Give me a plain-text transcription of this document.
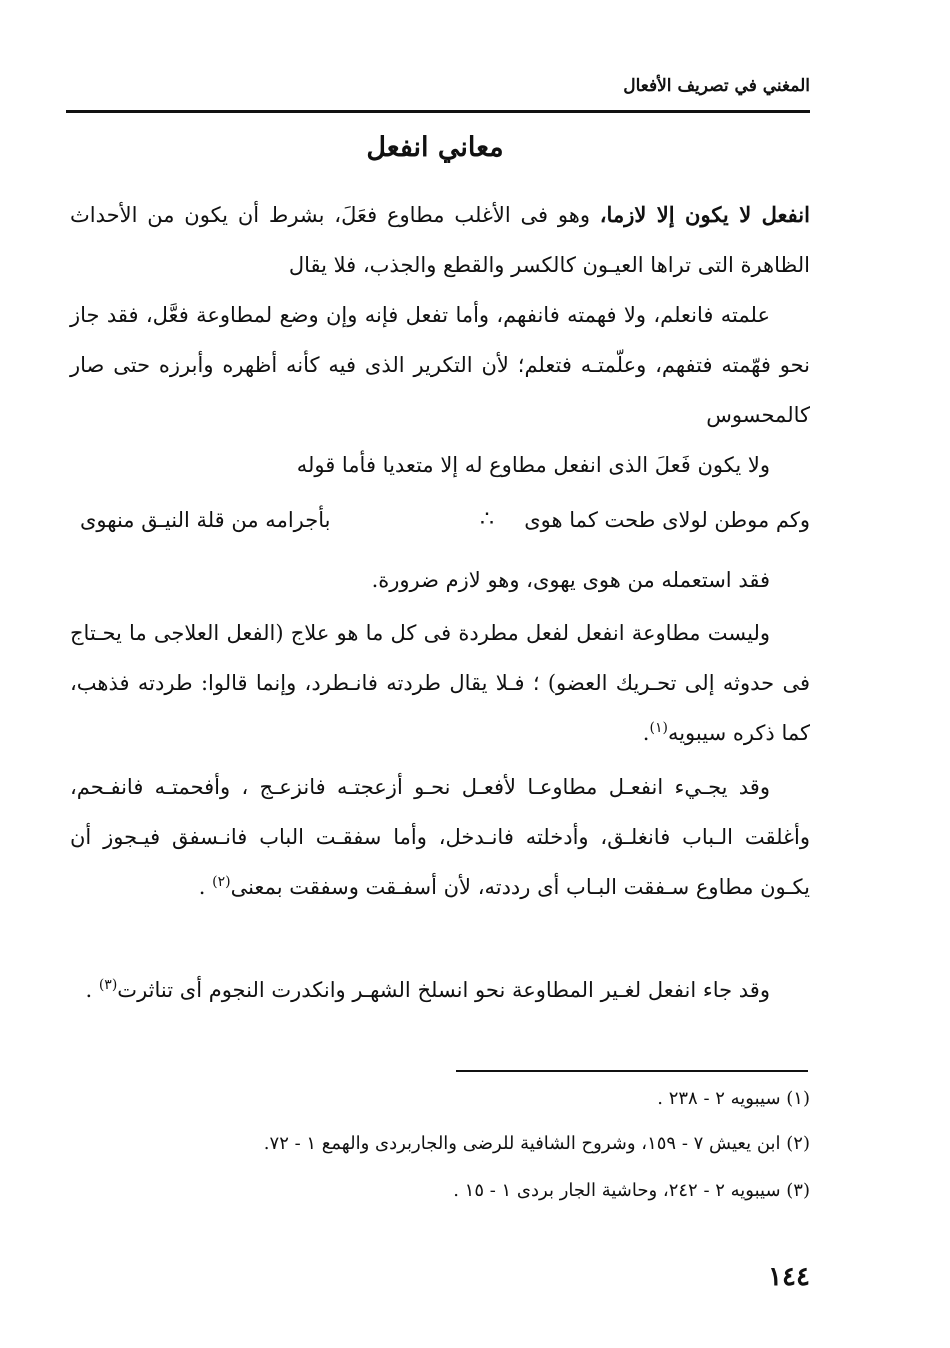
المغني في تصريف الأفعال
معاني انفعل

انفعل لا يكون إلا لازما، وهو فى الأغلب مطاوع فعَلَ، بشرط أن يكون من الأحداث الظاهرة التى تراها العيـون كالكسر والقطع والجذب، فلا يقال

علمته فانعلم، ولا فهمته فانفهم، وأما تفعل فإنه وإن وضع لمطاوعة فعَّل، فقد جاز نحو فهّمته فتفهم، وعلّمتـه فتعلم؛ لأن التكرير الذى فيه كأنه أظهره وأبرزه حتى صار كالمحسوس

ولا يكون فَعلَ الذى انفعل مطاوع له إلا متعديا فأما قوله

وكم موطن لولاى طحت كما هوى
∴
بأجرامه من قلة النيـق منهوى

فقد استعمله من هوى يهوى، وهو لازم ضرورة.

وليست مطاوعة انفعل لفعل مطردة فى كل ما هو علاج (الفعل العلاجى ما يحـتاج فى حدوثه إلى تحـريك العضو) ؛ فـلا يقال طردته فانـطرد، وإنما قالوا: طردته فذهب، كما ذكره سيبويه$^{(١)}$.

وقد يجـيء انفعـل مطاوعـا لأفعـل نحـو أزعجتـه فانزعـج ، وأفحمتـه فانفـحم، وأغلقت الـباب فانغلـق، وأدخلته فانـدخل، وأما سفقـت الباب فانـسفق فيـجوز أن يكـون مطاوع سـفقت البـاب أى رددته، لأن أسفـقت وسفقت بمعنى$^{(٢)}$ .

وقد جاء انفعل لغـير المطاوعة نحو انسلخ الشهـر وانكدرت النجوم أى تناثرت$^{(٣)}$ .

(١) سيبويه ٢ - ٢٣٨ .
(٢) ابن يعيش ٧ - ١٥٩، وشروح الشافية للرضى والجاربردى والهمع ١ - ٧٢.
(٣) سيبويه ٢ - ٢٤٢، وحاشية الجار بردى ١ - ١٥ .
١٤٤
